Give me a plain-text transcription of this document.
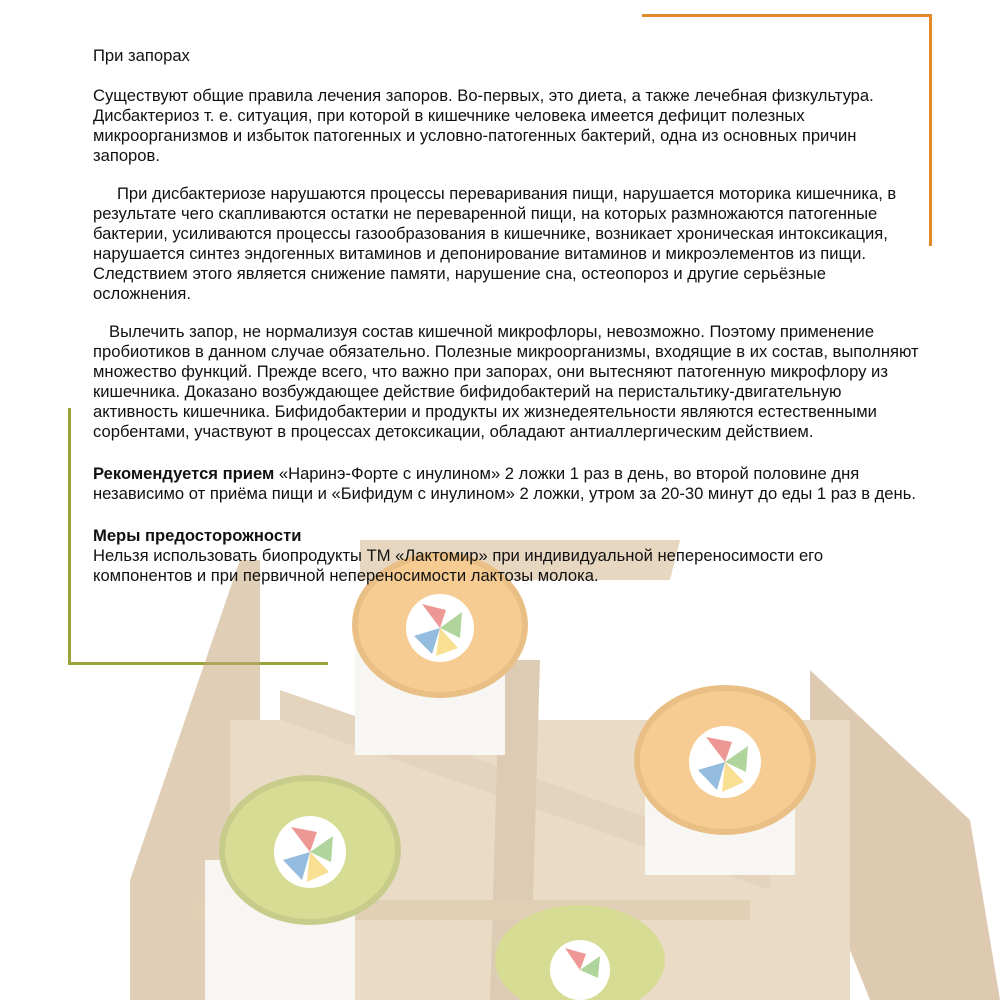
При запорах

Существуют общие правила лечения запоров. Во-первых, это диета, а также лечебная физкультура. Дисбактериоз т. е. ситуация, при которой в кишечнике человека имеется дефицит полезных микроорганизмов и избыток патогенных и условно-патогенных бактерий, одна из основных причин запоров.

При дисбактериозе нарушаются процессы переваривания пищи, нарушается моторика кишечника, в результате чего скапливаются остатки не переваренной пищи, на которых размножаются патогенные бактерии, усиливаются процессы газообразования в кишечнике, возникает хроническая интоксикация, нарушается синтез эндогенных витаминов и депонирование витаминов и микроэлементов из пищи. Следствием этого является снижение памяти, нарушение сна, остеопороз и другие серьёзные осложнения.

Вылечить запор, не нормализуя состав кишечной микрофлоры, невозможно. Поэтому применение пробиотиков в данном случае обязательно. Полезные микроорганизмы, входящие в их состав, выполняют множество функций. Прежде всего, что важно при запорах, они вытесняют патогенную микрофлору из кишечника. Доказано возбуждающее действие бифидобактерий на перистальтику-двигательную активность кишечника. Бифидобактерии и продукты их жизнедеятельности являются естественными сорбентами, участвуют в процессах детоксикации, обладают антиаллергическим действием.

Рекомендуется прием «Наринэ-Форте с инулином» 2 ложки 1 раз в день, во второй половине дня независимо от приёма пищи и «Бифидум с инулином» 2 ложки, утром за 20-30 минут до еды 1 раз в день.

Меры предосторожности

Нельзя использовать биопродукты ТМ «Лактомир» при индивидуальной непереносимости его компонентов и при первичной непереносимости лактозы молока.
